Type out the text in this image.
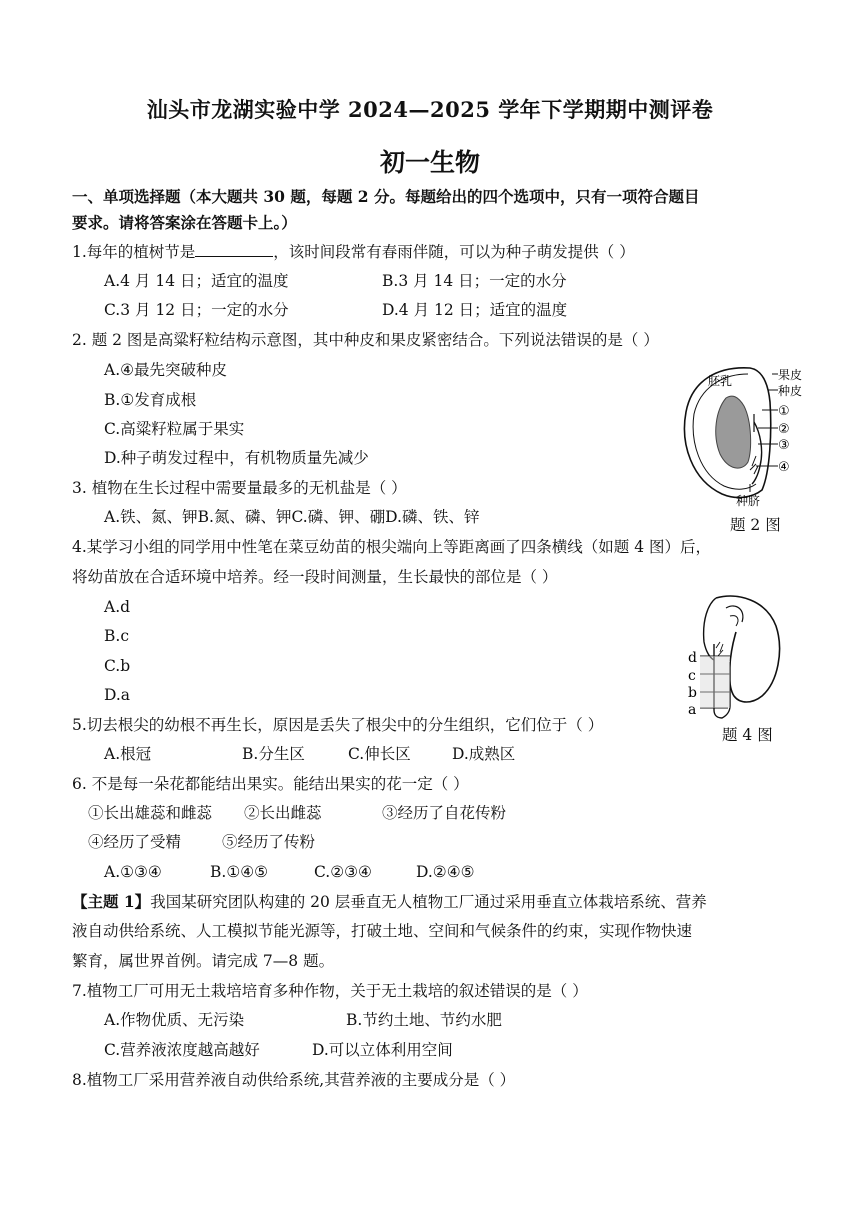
汕头市龙湖实验中学 2024—2025 学年下学期期中测评卷
初一生物
一、单项选择题（本大题共 30 题，每题 2 分。每题给出的四个选项中，只有一项符合题目
要求。请将答案涂在答题卡上。）
1.每年的植树节是	，该时间段常有春雨伴随，可以为种子萌发提供（ ）
A.4 月 14 日；适宜的温度	B.3 月 14 日；一定的水分
C.3 月 12 日；一定的水分	D.4 月 12 日；适宜的温度
2. 题 2 图是高粱籽粒结构示意图，其中种皮和果皮紧密结合。下列说法错误的是（ ）
A.④最先突破种皮
B.①发育成根
C.高粱籽粒属于果实
D.种子萌发过程中，有机物质量先减少
胚乳	果皮
种皮
①
②
③
④
种脐
题 2 图
3. 植物在生长过程中需要量最多的无机盐是（ ）
A.铁、氮、钾B.氮、磷、钾C.磷、钾、硼D.磷、铁、锌
4.某学习小组的同学用中性笔在菜豆幼苗的根尖端向上等距离画了四条横线（如题 4 图）后，
将幼苗放在合适环境中培养。经一段时间测量，生长最快的部位是（ ）
A.d
B.c
C.b
D.a
d
c
b
a
题 4 图
5.切去根尖的幼根不再生长，原因是丢失了根尖中的分生组织，它们位于（ ）
A.根冠	B.分生区	C.伸长区	D.成熟区
6. 不是每一朵花都能结出果实。能结出果实的花一定（ ）
①长出雄蕊和雌蕊 ②长出雌蕊	③经历了自花传粉
④经历了受精	⑤经历了传粉
A.①③④	B.①④⑤	C.②③④	D.②④⑤
【主题 1】我国某研究团队构建的 20 层垂直无人植物工厂通过采用垂直立体栽培系统、营养
液自动供给系统、人工模拟节能光源等，打破土地、空间和气候条件的约束，实现作物快速
繁育，属世界首例。请完成 7—8 题。
7.植物工厂可用无土栽培培育多种作物，关于无土栽培的叙述错误的是（ ）
A.作物优质、无污染	B.节约土地、节约水肥
C.营养液浓度越高越好	D.可以立体利用空间
8.植物工厂采用营养液自动供给系统,其营养液的主要成分是（ ）
